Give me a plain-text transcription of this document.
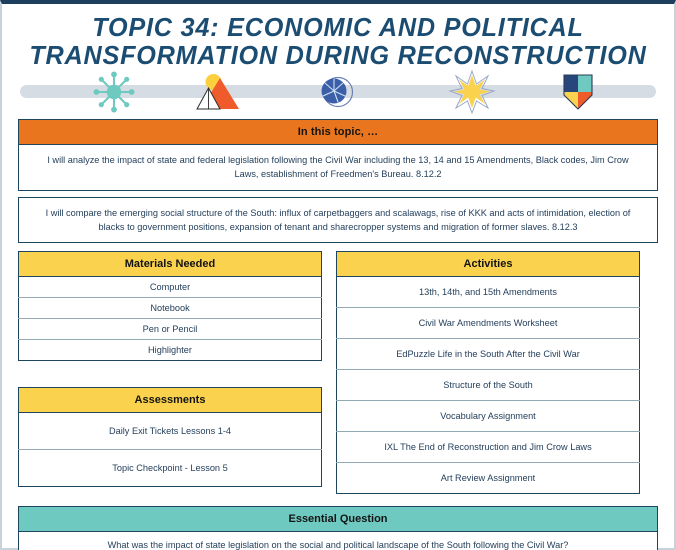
TOPIC 34: ECONOMIC AND POLITICAL
TRANSFORMATION DURING RECONSTRUCTION
In this topic, …
I will analyze the impact of state and federal legislation following the Civil War including the 13, 14 and 15 Amendments, Black codes, Jim Crow Laws, establishment of Freedmen's Bureau. 8.12.2
I will compare the emerging social structure of the South: influx of carpetbaggers and scalawags, rise of KKK and acts of intimidation, election of blacks to government positions, expansion of tenant and sharecropper systems and migration of former slaves. 8.12.3
Materials Needed
Computer
Notebook
Pen or Pencil
Highlighter
Assessments
Daily Exit Tickets Lessons 1-4
Topic Checkpoint - Lesson 5
Activities
13th, 14th, and 15th Amendments
Civil War Amendments Worksheet
EdPuzzle Life in the South After the Civil War
Structure of the South
Vocabulary Assignment
IXL The End of Reconstruction and Jim Crow Laws
Art Review Assignment
Essential Question
What was the impact of state legislation on the social and political landscape of the South following the Civil War?
